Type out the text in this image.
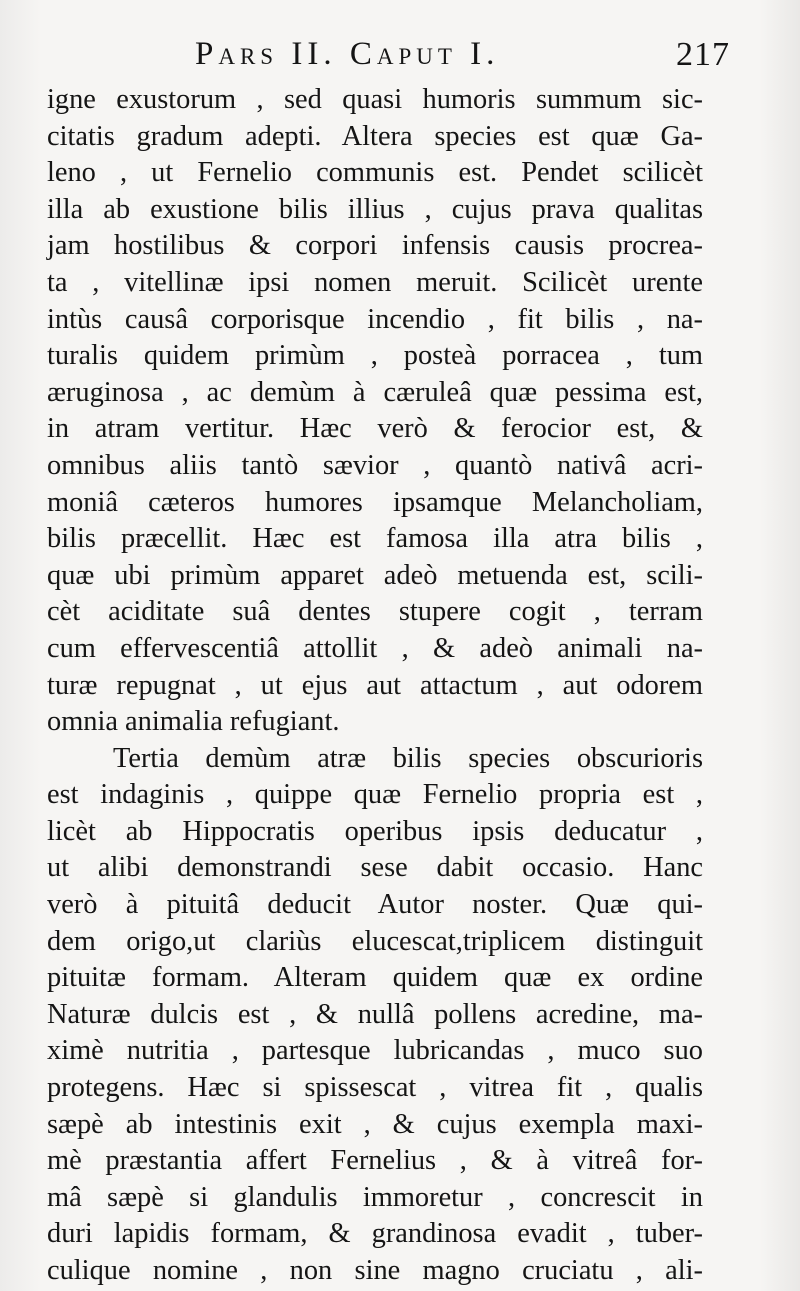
Pars II. Caput I.	217
igne exustorum , sed quasi humoris summum sic-
citatis gradum adepti. Altera species est quæ Ga-
leno , ut Fernelio communis est. Pendet scilicèt
illa ab exustione bilis illius , cujus prava qualitas
jam hostilibus & corpori infensis causis procrea-
ta , vitellinæ ipsi nomen meruit. Scilicèt urente
intùs causâ corporisque incendio , fit bilis , na-
turalis quidem primùm , posteà porracea , tum
æruginosa , ac demùm à cæruleâ quæ pessima est,
in atram vertitur. Hæc verò & ferocior est, &
omnibus aliis tantò sævior , quantò nativâ acri-
moniâ cæteros humores ipsamque Melancholiam,
bilis præcellit. Hæc est famosa illa atra bilis ,
quæ ubi primùm apparet adeò metuenda est, scili-
cèt aciditate suâ dentes stupere cogit , terram
cum effervescentiâ attollit , & adeò animali na-
turæ repugnat , ut ejus aut attactum , aut odorem
omnia animalia refugiant.
Tertia demùm atræ bilis species obscurioris
est indaginis , quippe quæ Fernelio propria est ,
licèt ab Hippocratis operibus ipsis deducatur ,
ut alibi demonstrandi sese dabit occasio. Hanc
verò à pituitâ deducit Autor noster. Quæ qui-
dem origo,ut clariùs elucescat,triplicem distinguit
pituitæ formam. Alteram quidem quæ ex ordine
Naturæ dulcis est , & nullâ pollens acredine, ma-
ximè nutritia , partesque lubricandas , muco suo
protegens. Hæc si spissescat , vitrea fit , qualis
sæpè ab intestinis exit , & cujus exempla maxi-
mè præstantia affert Fernelius , & à vitreâ for-
mâ sæpè si glandulis immoretur , concrescit in
duri lapidis formam, & grandinosa evadit , tuber-
culique nomine , non sine magno cruciatu , ali-
